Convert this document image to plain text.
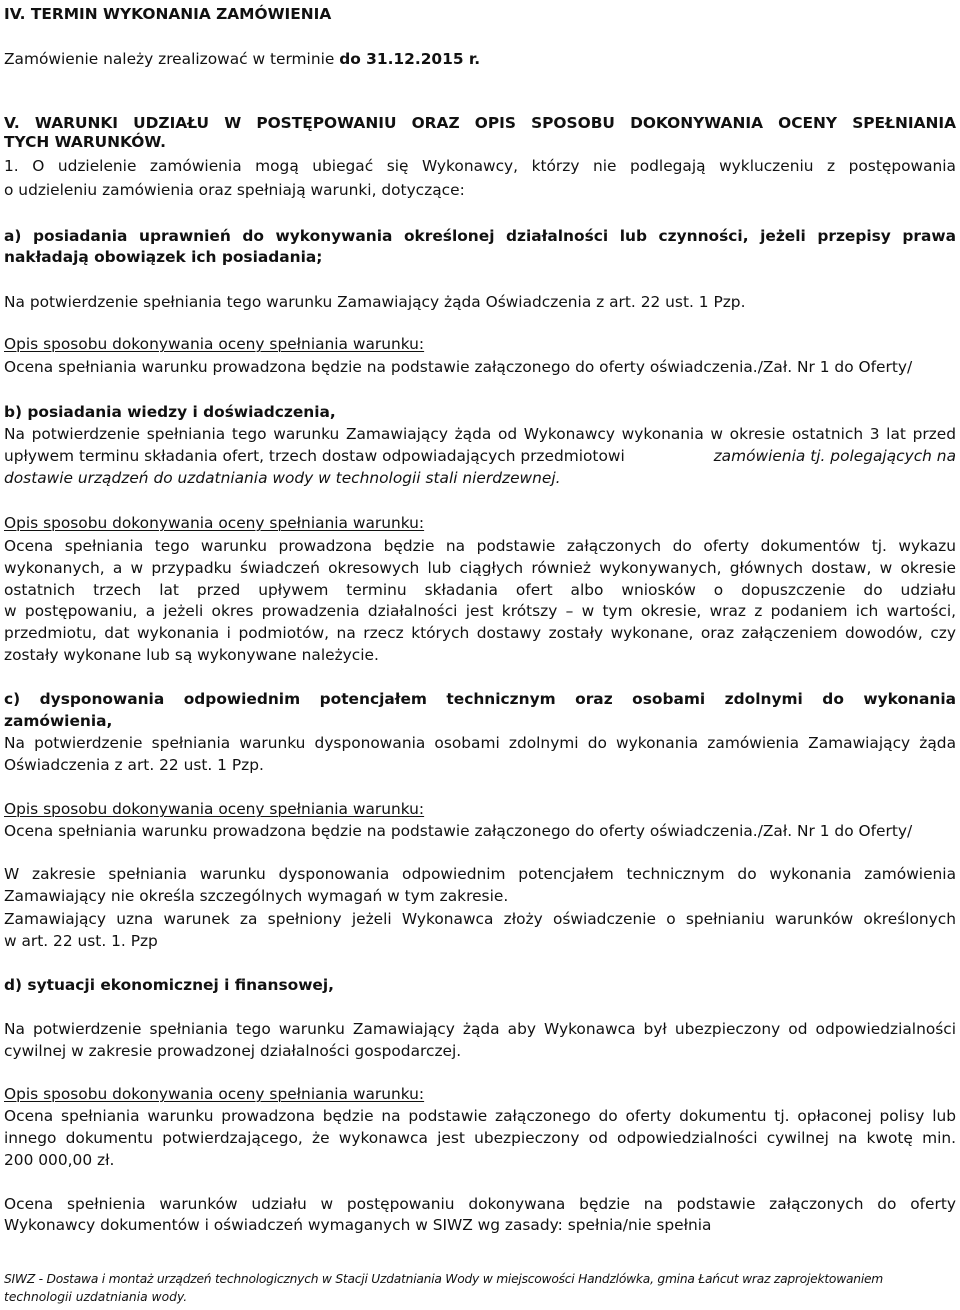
IV. TERMIN WYKONANIA ZAMÓWIENIA
Zamówienie należy zrealizować w terminie do 31.12.2015 r.
V. WARUNKI UDZIAŁU W POSTĘPOWANIU ORAZ OPIS SPOSOBU DOKONYWANIA OCENY SPEŁNIANIA
TYCH WARUNKÓW.
1. O udzielenie zamówienia mogą ubiegać się Wykonawcy, którzy nie podlegają wykluczeniu z postępowania
o udzieleniu zamówienia oraz spełniają warunki, dotyczące:
a) posiadania uprawnień do wykonywania określonej działalności lub czynności, jeżeli przepisy prawa
nakładają obowiązek ich posiadania;
Na potwierdzenie spełniania tego warunku Zamawiający żąda Oświadczenia z art. 22 ust. 1 Pzp.
Opis sposobu dokonywania oceny spełniania warunku:
Ocena spełniania warunku prowadzona będzie na podstawie załączonego do oferty oświadczenia./Zał. Nr 1 do Oferty/
b) posiadania wiedzy i doświadczenia,
Na potwierdzenie spełniania tego warunku Zamawiający żąda od Wykonawcy wykonania w okresie ostatnich 3 lat przed
upływem terminu składania ofert, trzech dostaw odpowiadających przedmiotowi	zamówienia tj. polegających na
dostawie urządzeń do uzdatniania wody w technologii stali nierdzewnej.
Opis sposobu dokonywania oceny spełniania warunku:
Ocena spełniania tego warunku prowadzona będzie na podstawie załączonych do oferty dokumentów tj. wykazu
wykonanych, a w przypadku świadczeń okresowych lub ciągłych również wykonywanych, głównych dostaw, w okresie
ostatnich trzech lat przed upływem terminu składania ofert albo wniosków o dopuszczenie do udziału
w postępowaniu, a jeżeli okres prowadzenia działalności jest krótszy – w tym okresie, wraz z podaniem ich wartości,
przedmiotu, dat wykonania i podmiotów, na rzecz których dostawy zostały wykonane, oraz załączeniem dowodów, czy
zostały wykonane lub są wykonywane należycie.
c) dysponowania odpowiednim potencjałem technicznym oraz osobami zdolnymi do wykonania
zamówienia,
Na potwierdzenie spełniania warunku dysponowania osobami zdolnymi do wykonania zamówienia Zamawiający żąda
Oświadczenia z art. 22 ust. 1 Pzp.
Opis sposobu dokonywania oceny spełniania warunku:
Ocena spełniania warunku prowadzona będzie na podstawie załączonego do oferty oświadczenia./Zał. Nr 1 do Oferty/
W zakresie spełniania warunku dysponowania odpowiednim potencjałem technicznym do wykonania zamówienia
Zamawiający nie określa szczególnych wymagań w tym zakresie.
Zamawiający uzna warunek za spełniony jeżeli Wykonawca złoży oświadczenie o spełnianiu warunków określonych
w art. 22 ust. 1. Pzp
d) sytuacji ekonomicznej i finansowej,
Na potwierdzenie spełniania tego warunku Zamawiający żąda aby Wykonawca był ubezpieczony od odpowiedzialności
cywilnej w zakresie prowadzonej działalności gospodarczej.
Opis sposobu dokonywania oceny spełniania warunku:
Ocena spełniania warunku prowadzona będzie na podstawie załączonego do oferty dokumentu tj. opłaconej polisy lub
innego dokumentu potwierdzającego, że wykonawca jest ubezpieczony od odpowiedzialności cywilnej na kwotę min.
200 000,00 zł.
Ocena spełnienia warunków udziału w postępowaniu dokonywana będzie na podstawie załączonych do oferty
Wykonawcy dokumentów i oświadczeń wymaganych w SIWZ wg zasady: spełnia/nie spełnia
SIWZ - Dostawa i montaż urządzeń technologicznych w Stacji Uzdatniania Wody w miejscowości Handzlówka, gmina Łańcut wraz zaprojektowaniem
technologii uzdatniania wody.
